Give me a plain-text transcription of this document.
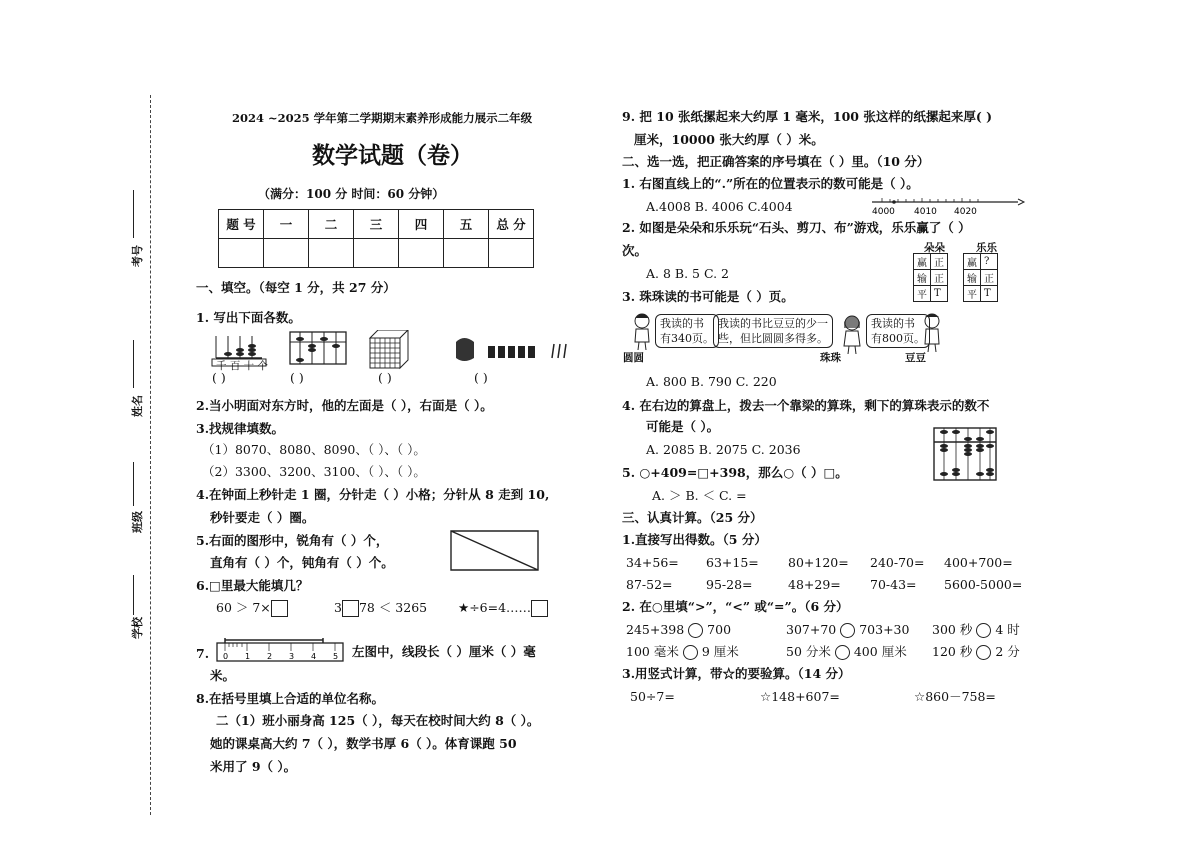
考号
姓名
班级
学校
2024 ~2025 学年第二学期期末素养形成能力展示二年级
数学试题（卷）
（满分：100 分 时间：60 分钟）
题 号	一	二	三	四	五	总 分

一、填空。（每空 1 分，共 27 分）
1. 写出下面各数。
千 百 十 个
( )	( )	( )	( )
2.当小明面对东方时，他的左面是（ ），右面是（ ）。
3.找规律填数。
（1）8070、8080、8090、（ ）、（ ）。
（2）3300、3200、3100、（ ）、（ ）。
4.在钟面上秒针走 1 圈，分针走（ ）小格；分针从 8 走到 10,
秒针要走（ ）圈。
5.右面的图形中，锐角有（ ）个，
直角有（ ）个，钝角有（ ）个。
6.□里最大能填几？
60 ＞ 7×	3 78 ＜ 3265 ★÷6=4……
7. 0 1 2 3 4 5 左图中，线段长（ ）厘米（ ）毫
米。
8.在括号里填上合适的单位名称。
二（1）班小丽身高 125（ ），每天在校时间大约 8（ ）。
她的课桌高大约 7（ ），数学书厚 6（ ）。体育课跑 50
米用了 9（ ）。
9. 把 10 张纸摞起来大约厚 1 毫米，100 张这样的纸摞起来厚( )
厘米，10000 张大约厚（ ）米。
二、选一选，把正确答案的序号填在（ ）里。（10 分）
1. 右图直线上的“.”所在的位置表示的数可能是（ ）。
A.4008 B. 4006 C.4004	4000 4010 4020
2. 如图是朵朵和乐乐玩“石头、剪刀、布”游戏，乐乐赢了（ ）
次。
A. 8 B. 5 C. 2
朵朵	乐乐
赢	正
输	正
平	T
赢	?
输	正
平	T
3. 珠珠读的书可能是（ ）页。
我读的书
有340页。
我读的书比豆豆的少一
些，但比圆圆多得多。
我读的书
有800页。
圆圆	珠珠	豆豆
A. 800 B. 790 C. 220
4. 在右边的算盘上，拨去一个靠梁的算珠，剩下的算珠表示的数不
可能是（ ）。
A. 2085 B. 2075 C. 2036
5. ○+409=□+398，那么○（ ）□。
A. ＞ B. ＜ C. =
三、认真计算。（25 分）
1.直接写出得数。（5 分）
34+56= 63+15= 80+120= 240-70= 400+700=
87-52=	95-28=	48+29= 70-43= 5600-5000=
2. 在○里填“>”，“<” 或“=”。（6 分）
245+398 700	307+70 703+30 300 秒 4 时
100 毫米 9 厘米	50 分米 400 厘米 120 秒 2 分
3.用竖式计算，带☆的要验算。（14 分）
50÷7=	☆148+607=	☆860－758=
